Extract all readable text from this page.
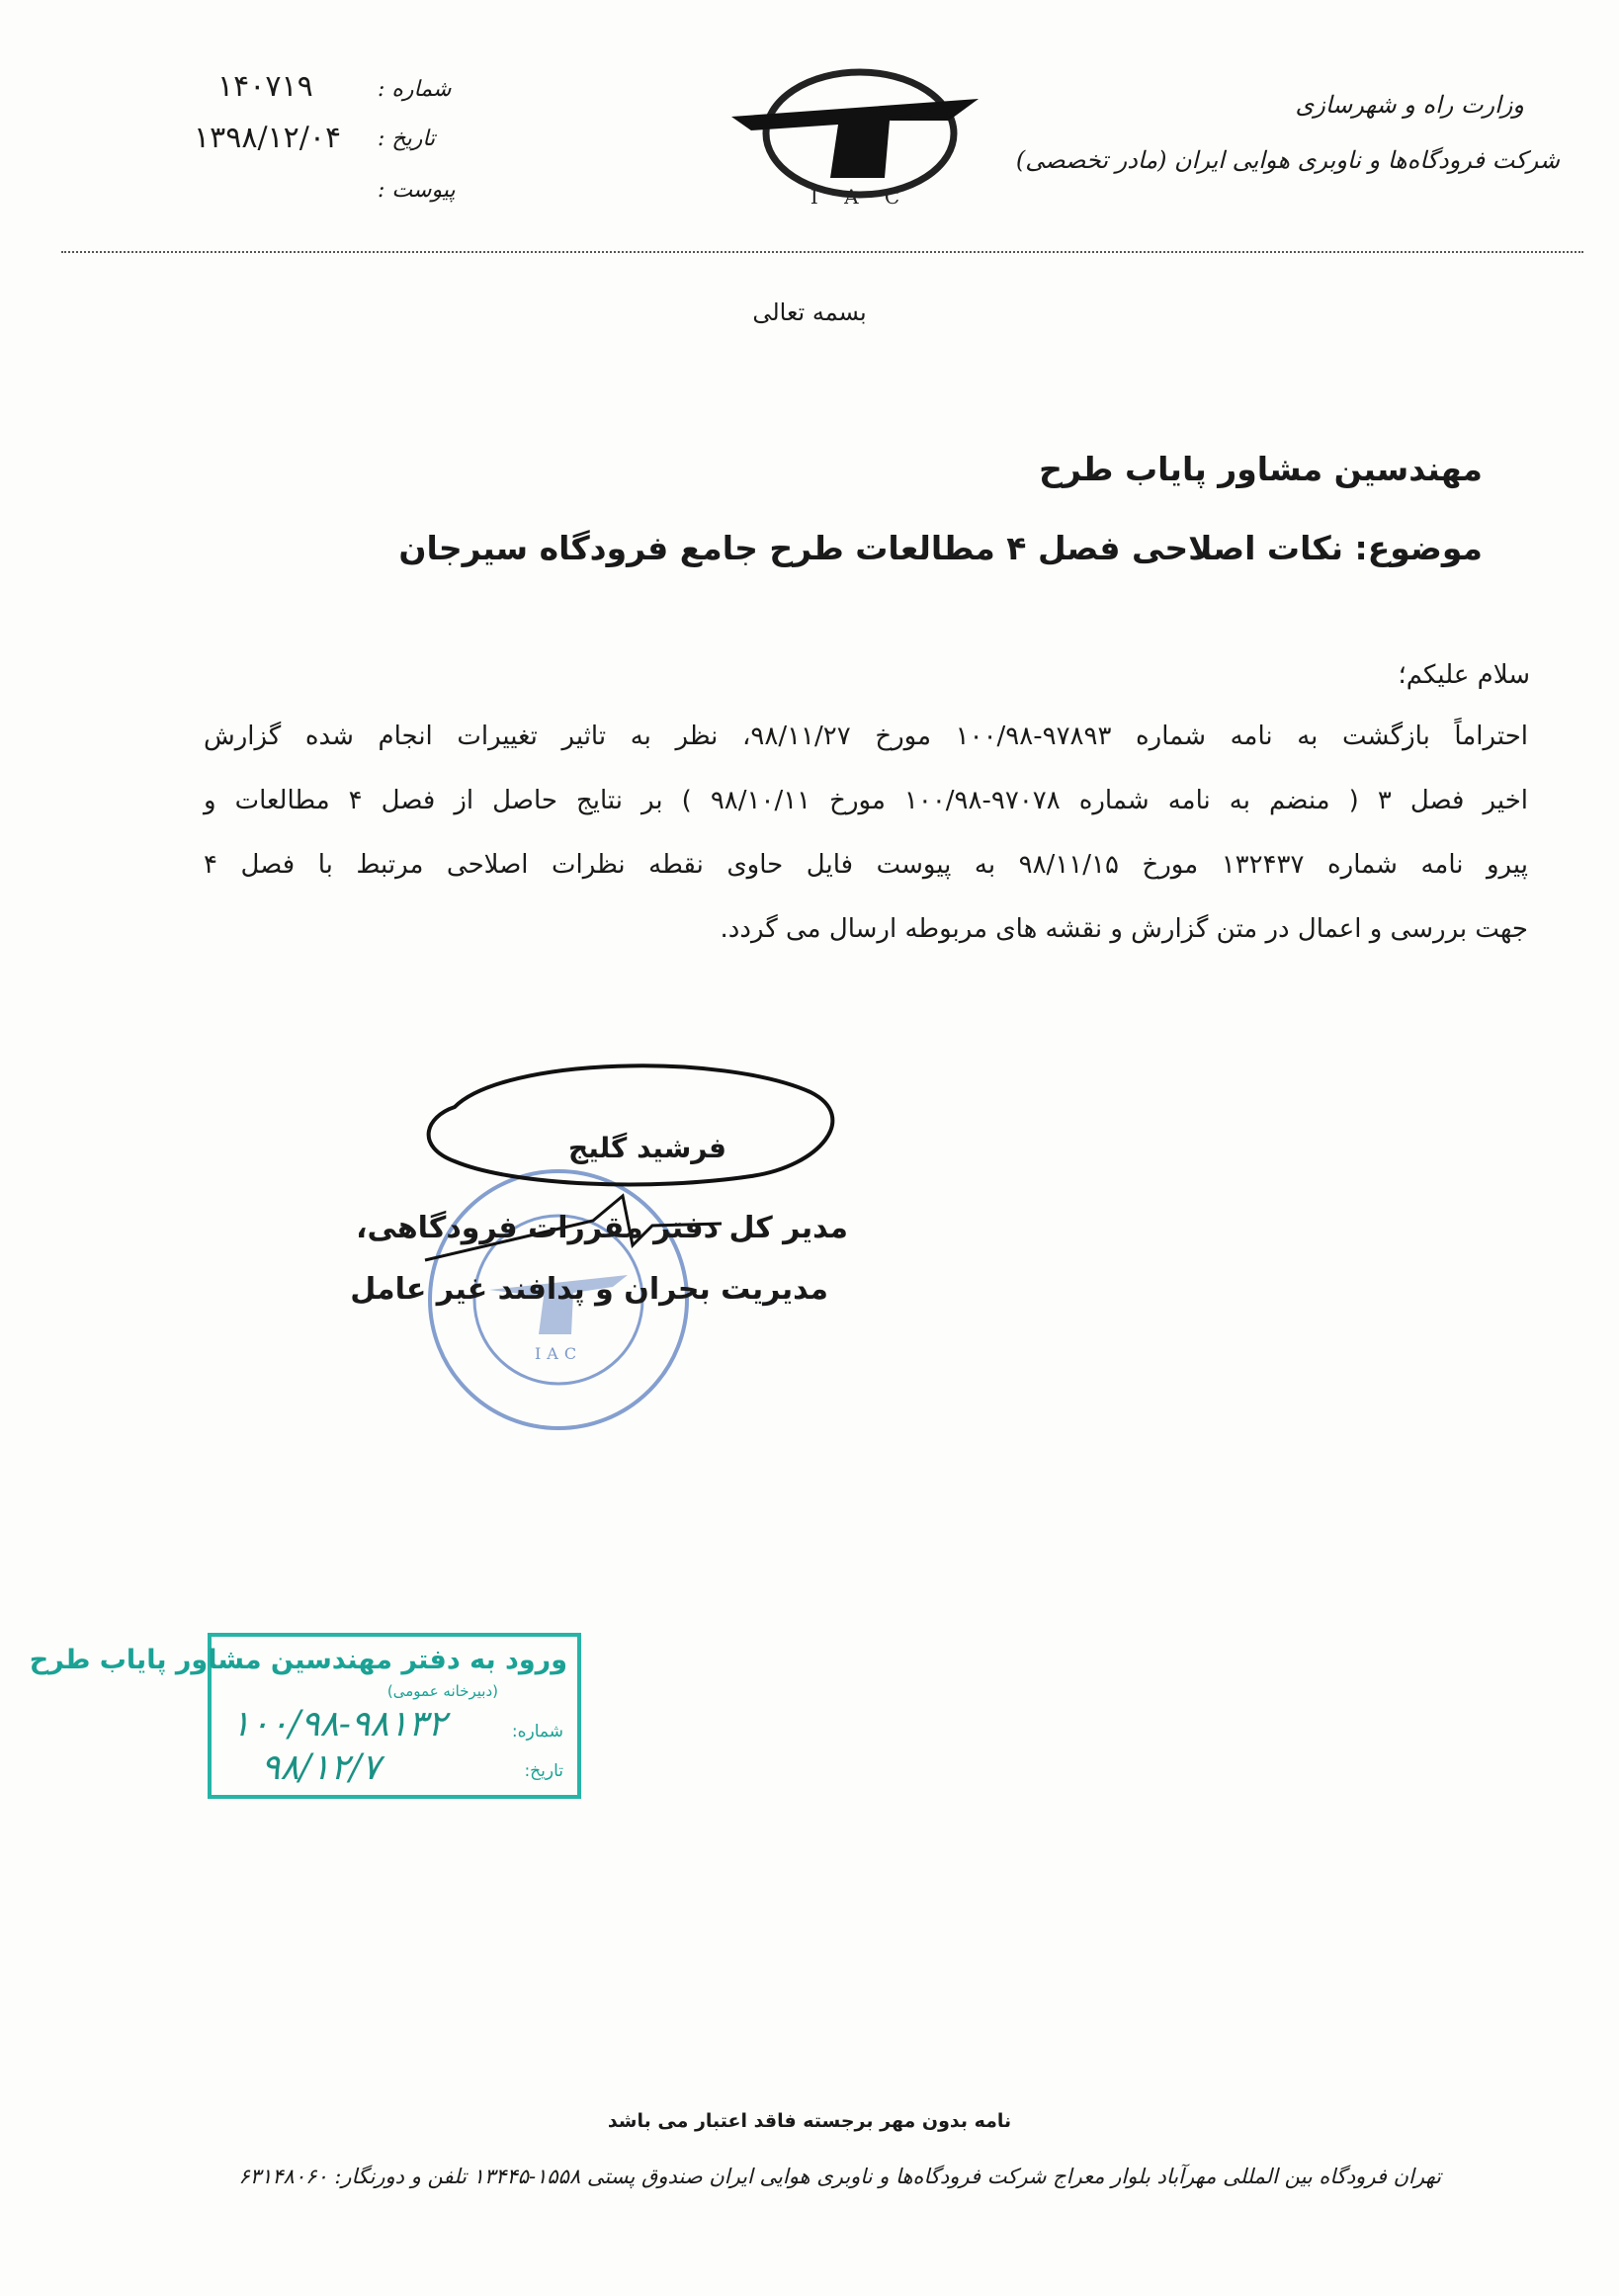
وزارت راه و شهرسازی
شرکت فرودگاه‌ها و ناوبری هوایی ایران (مادر تخصصی)
I A C
شماره :
۱۴۰۷۱۹
تاریخ :
۱۳۹۸/۱۲/۰۴
پیوست :
بسمه تعالی
مهندسین مشاور پایاب طرح
موضوع: نکات اصلاحی فصل ۴ مطالعات طرح جامع فرودگاه سیرجان
سلام علیکم؛
احتراماً بازگشت به نامه شماره ۹۷۸۹۳-۱۰۰/۹۸ مورخ ۹۸/۱۱/۲۷، نظر به تاثیر تغییرات انجام شده گزارش
اخیر فصل ۳ ( منضم به نامه شماره ۹۷۰۷۸-۱۰۰/۹۸ مورخ ۹۸/۱۰/۱۱ ) بر نتایج حاصل از فصل ۴ مطالعات و
پیرو نامه شماره ۱۳۲۴۳۷ مورخ ۹۸/۱۱/۱۵ به پیوست فایل حاوی نقطه نظرات اصلاحی مرتبط با فصل ۴
جهت بررسی و اعمال در متن گزارش و نقشه های مربوطه ارسال می گردد.
IAC
فرشید گلیج
مدیر کل دفتر مقررات فرودگاهی،
مدیریت بحران و پدافند غیر عامل
ورود به دفتر مهندسین مشاور پایاب طرح
(دبیرخانه عمومی)
شماره:
۱۰۰/۹۸-۹۸۱۳۲
تاریخ:
۹۸/۱۲/۷
نامه بدون مهر برجسته فاقد اعتبار می باشد
تهران فرودگاه بین المللی مهرآباد بلوار معراج شرکت فرودگاه‌ها و ناوبری هوایی ایران صندوق پستی ۱۵۵۸-۱۳۴۴۵ تلفن و دورنگار: ۶۳۱۴۸۰۶۰
